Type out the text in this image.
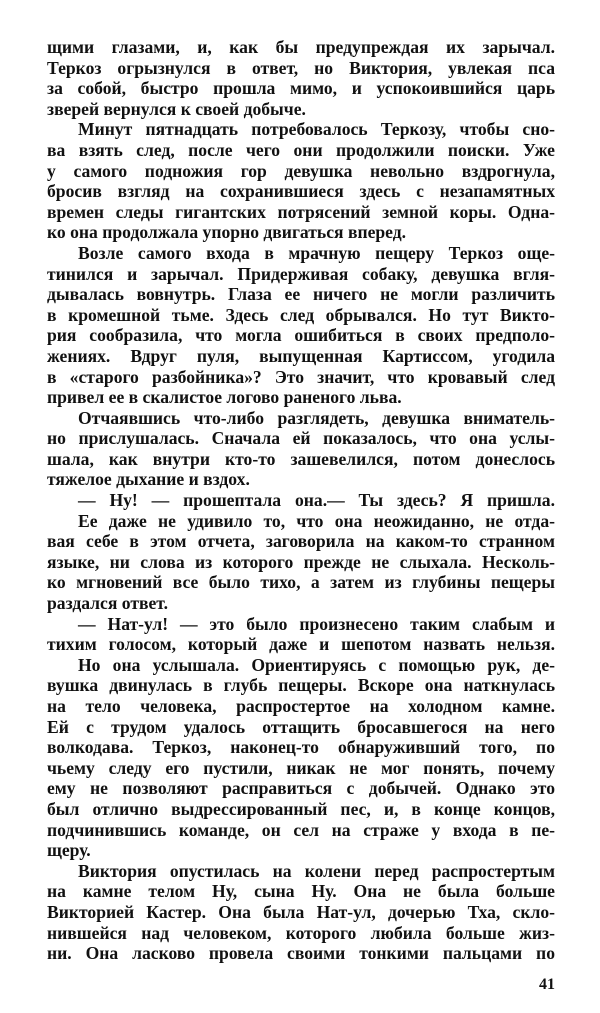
щими глазами, и, как бы предупреждая их зарычал.
Теркоз огрызнулся в ответ, но Виктория, увлекая пса
за собой, быстро прошла мимо, и успокоившийся царь
зверей вернулся к своей добыче.
Минут пятнадцать потребовалось Теркозу, чтобы сно-
ва взять след, после чего они продолжили поиски. Уже
у самого подножия гор девушка невольно вздрогнула,
бросив взгляд на сохранившиеся здесь с незапамятных
времен следы гигантских потрясений земной коры. Одна-
ко она продолжала упорно двигаться вперед.
Возле самого входа в мрачную пещеру Теркоз още-
тинился и зарычал. Придерживая собаку, девушка вгля-
дывалась вовнутрь. Глаза ее ничего не могли различить
в кромешной тьме. Здесь след обрывался. Но тут Викто-
рия сообразила, что могла ошибиться в своих предполо-
жениях. Вдруг пуля, выпущенная Картиссом, угодила
в «старого разбойника»? Это значит, что кровавый след
привел ее в скалистое логово раненого льва.
Отчаявшись что-либо разглядеть, девушка вниматель-
но прислушалась. Сначала ей показалось, что она услы-
шала, как внутри кто-то зашевелился, потом донеслось
тяжелое дыхание и вздох.
— Ну! — прошептала она.— Ты здесь? Я пришла.
Ее даже не удивило то, что она неожиданно, не отда-
вая себе в этом отчета, заговорила на каком-то странном
языке, ни слова из которого прежде не слыхала. Несколь-
ко мгновений все было тихо, а затем из глубины пещеры
раздался ответ.
— Нат-ул! — это было произнесено таким слабым и
тихим голосом, который даже и шепотом назвать нельзя.
Но она услышала. Ориентируясь с помощью рук, де-
вушка двинулась в глубь пещеры. Вскоре она наткнулась
на тело человека, распростертое на холодном камне.
Ей с трудом удалось оттащить бросавшегося на него
волкодава. Теркоз, наконец-то обнаруживший того, по
чьему следу его пустили, никак не мог понять, почему
ему не позволяют расправиться с добычей. Однако это
был отлично выдрессированный пес, и, в конце концов,
подчинившись команде, он сел на страже у входа в пе-
щеру.
Виктория опустилась на колени перед распростертым
на камне телом Ну, сына Ну. Она не была больше
Викторией Кастер. Она была Нат-ул, дочерью Тха, скло-
нившейся над человеком, которого любила больше жиз-
ни. Она ласково провела своими тонкими пальцами по
41
